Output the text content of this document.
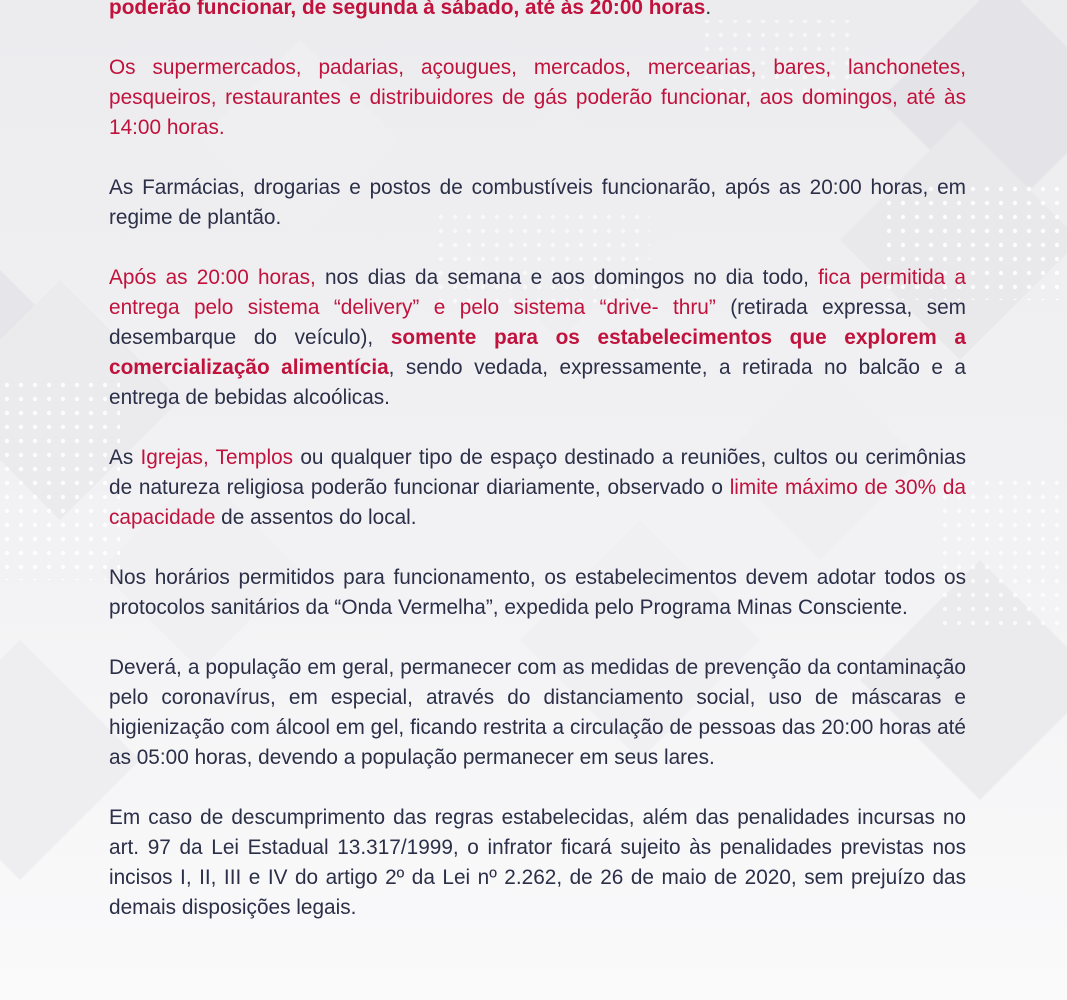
poderão funcionar, de segunda à sábado, até às 20:00 horas.

Os supermercados, padarias, açougues, mercados, mercearias, bares, lanchonetes, pesqueiros, restaurantes e distribuidores de gás poderão funcionar, aos domingos, até às 14:00 horas.

As Farmácias, drogarias e postos de combustíveis funcionarão, após as 20:00 horas, em regime de plantão.

Após as 20:00 horas, nos dias da semana e aos domingos no dia todo, fica permitida a entrega pelo sistema “delivery” e pelo sistema “drive- thru” (retirada expressa, sem desembarque do veículo), somente para os estabelecimentos que explorem a comercialização alimentícia, sendo vedada, expressamente, a retirada no balcão e a entrega de bebidas alcoólicas.

As Igrejas, Templos ou qualquer tipo de espaço destinado a reuniões, cultos ou cerimônias de natureza religiosa poderão funcionar diariamente, observado o limite máximo de 30% da capacidade de assentos do local.

Nos horários permitidos para funcionamento, os estabelecimentos devem adotar todos os protocolos sanitários da “Onda Vermelha”, expedida pelo Programa Minas Consciente.

Deverá, a população em geral, permanecer com as medidas de prevenção da contaminação pelo coronavírus, em especial, através do distanciamento social, uso de máscaras e higienização com álcool em gel, ficando restrita a circulação de pessoas das 20:00 horas até as 05:00 horas, devendo a população permanecer em seus lares.

Em caso de descumprimento das regras estabelecidas, além das penalidades incursas no art. 97 da Lei Estadual 13.317/1999, o infrator ficará sujeito às penalidades previstas nos incisos I, II, III e IV do artigo 2º da Lei nº 2.262, de 26 de maio de 2020, sem prejuízo das demais disposições legais.
